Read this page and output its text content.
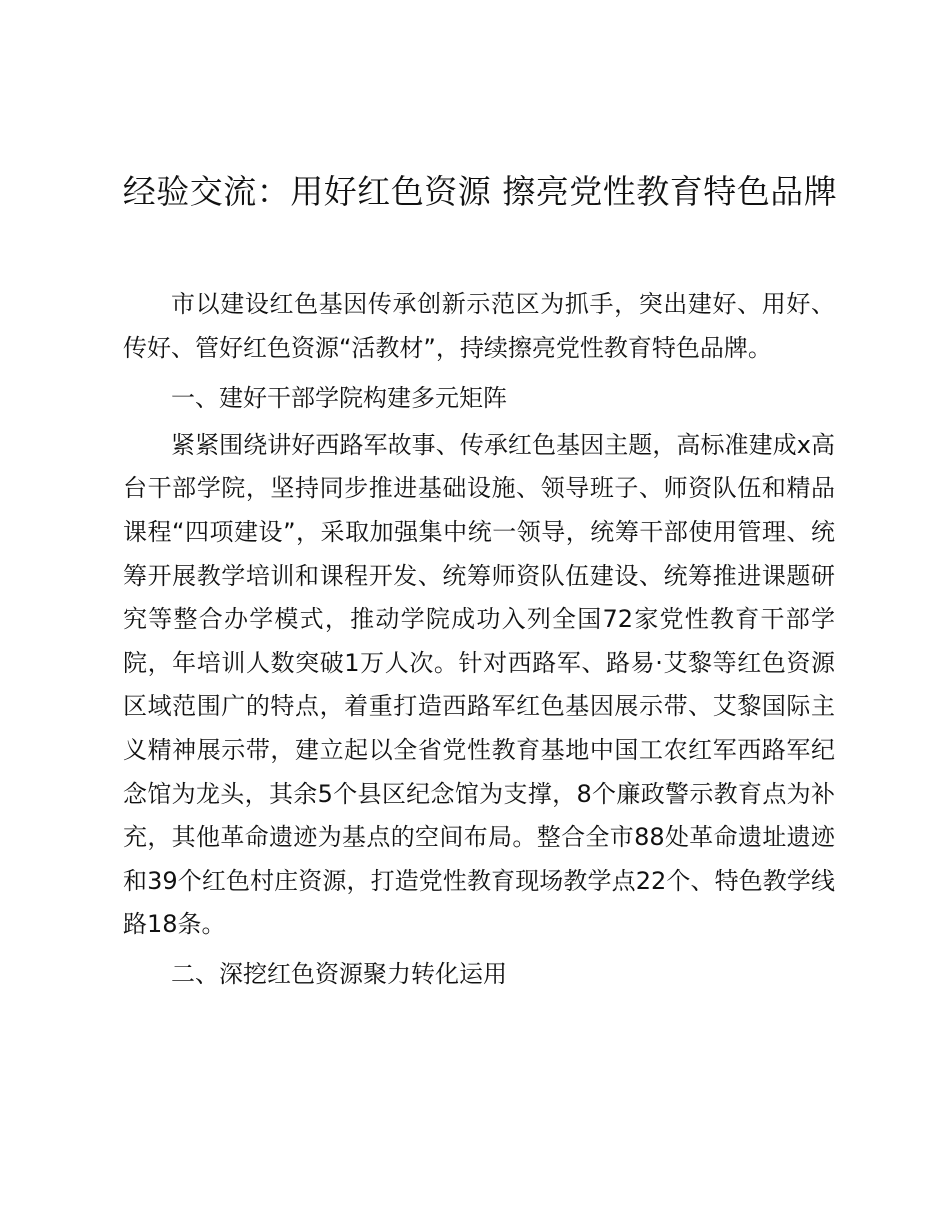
经验交流：用好红色资源 擦亮党性教育特色品牌

市以建设红色基因传承创新示范区为抓手，突出建好、用好、传好、管好红色资源“活教材”，持续擦亮党性教育特色品牌。

一、建好干部学院构建多元矩阵

紧紧围绕讲好西路军故事、传承红色基因主题，高标准建成x高台干部学院，坚持同步推进基础设施、领导班子、师资队伍和精品课程“四项建设”，采取加强集中统一领导，统筹干部使用管理、统筹开展教学培训和课程开发、统筹师资队伍建设、统筹推进课题研究等整合办学模式，推动学院成功入列全国72家党性教育干部学院，年培训人数突破1万人次。针对西路军、路易·艾黎等红色资源区域范围广的特点，着重打造西路军红色基因展示带、艾黎国际主义精神展示带，建立起以全省党性教育基地中国工农红军西路军纪念馆为龙头，其余5个县区纪念馆为支撑，8个廉政警示教育点为补充，其他革命遗迹为基点的空间布局。整合全市88处革命遗址遗迹和39个红色村庄资源，打造党性教育现场教学点22个、特色教学线路18条。

二、深挖红色资源聚力转化运用
